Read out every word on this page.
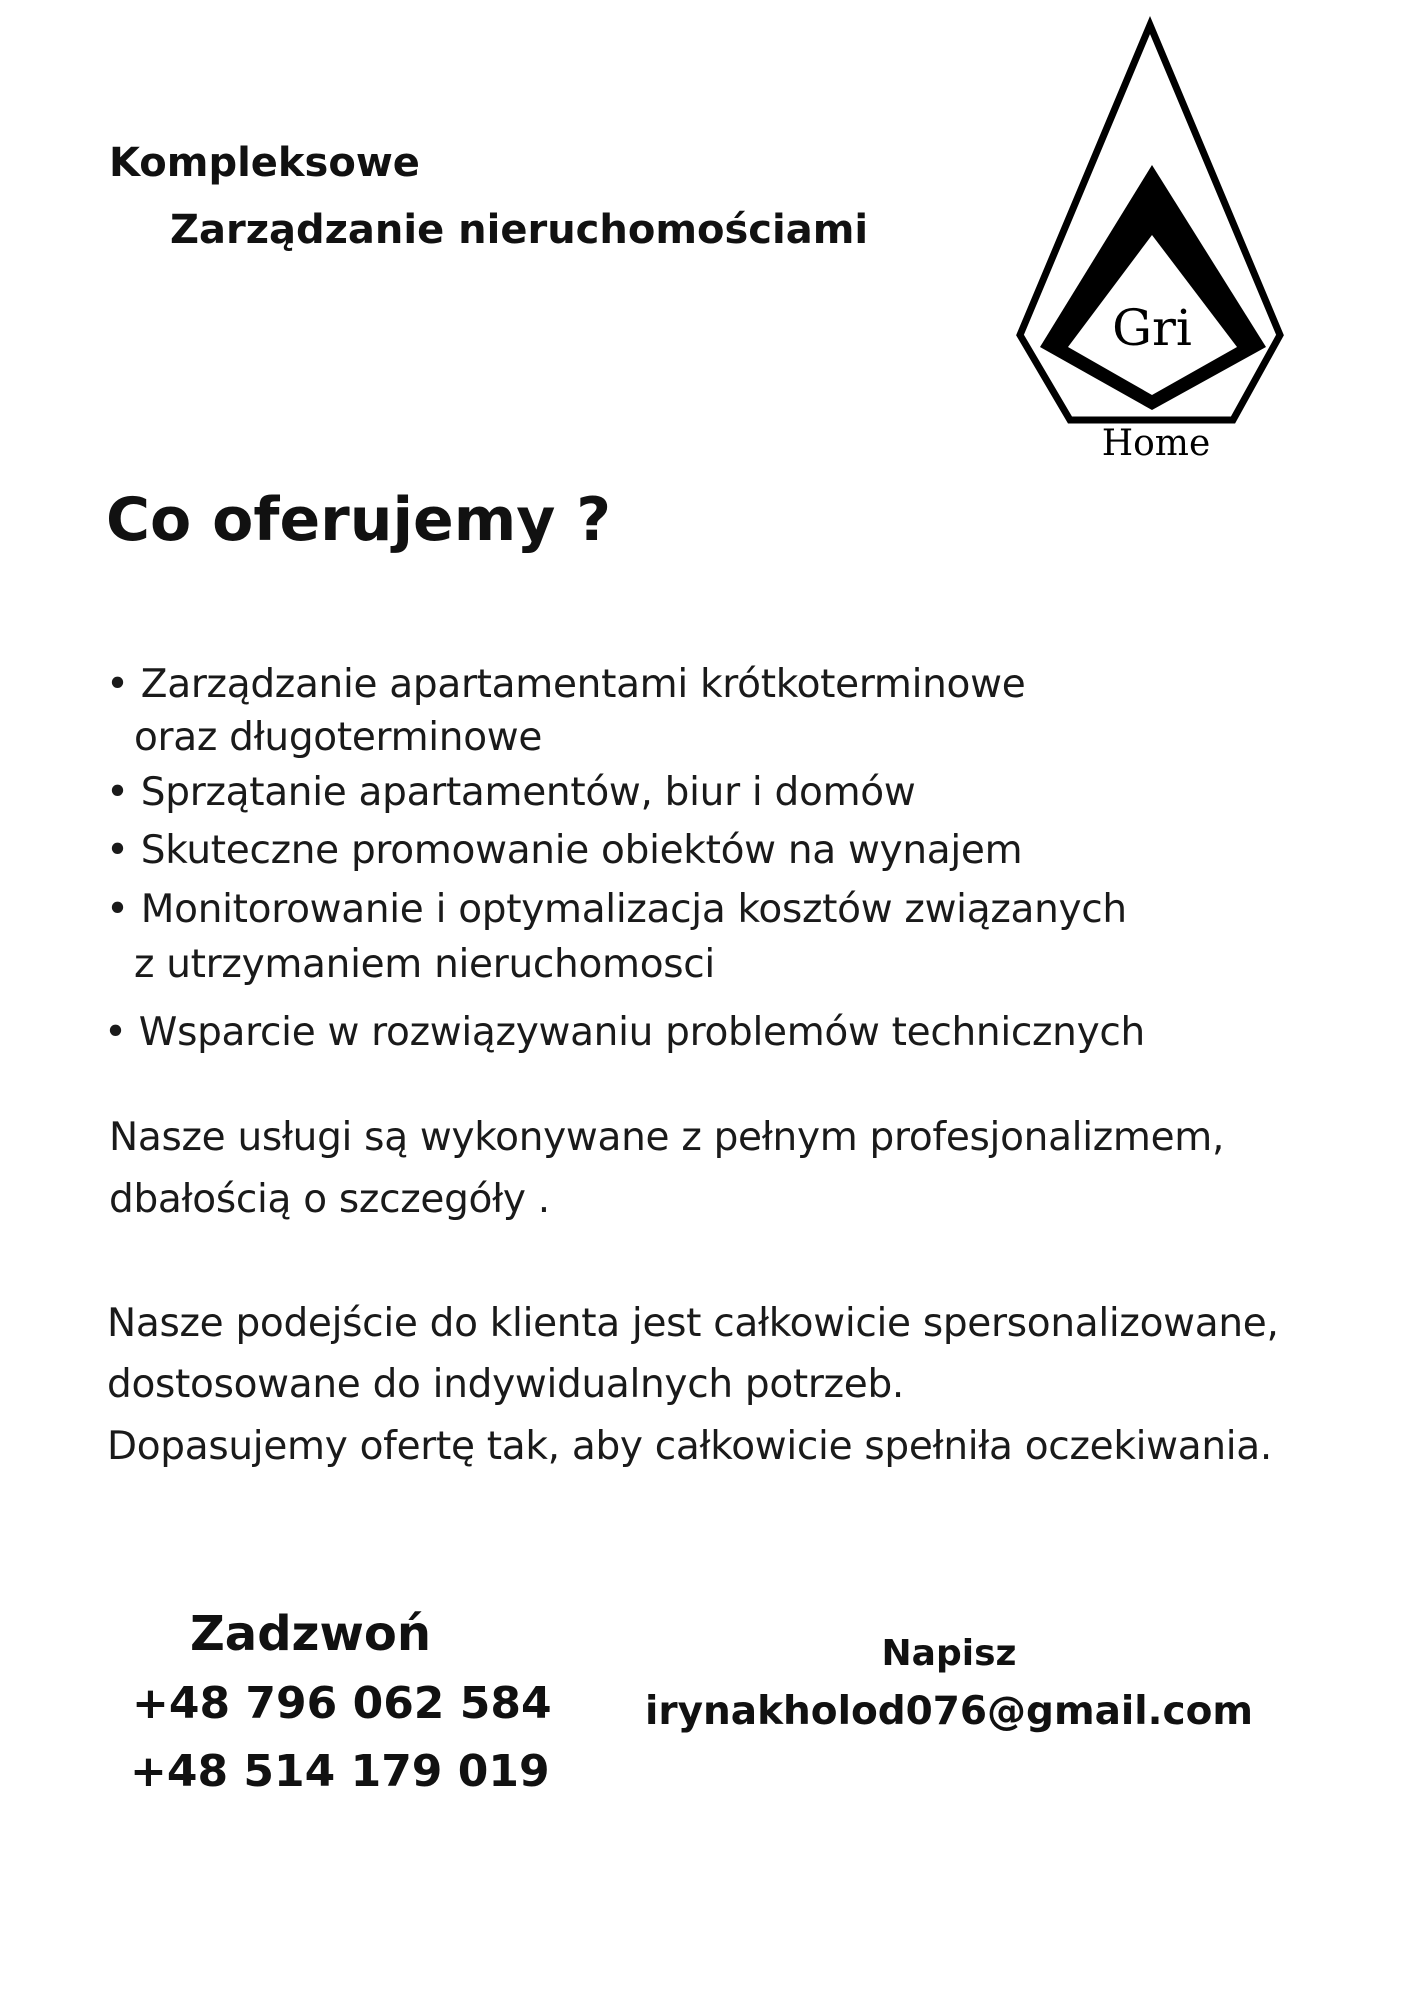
Kompleksowe
Zarządzanie nieruchomościami
Gri
Home
Co oferujemy ?
• Zarządzanie apartamentami krótkoterminowe
oraz długoterminowe
• Sprzątanie apartamentów, biur i domów
• Skuteczne promowanie obiektów na wynajem
• Monitorowanie i optymalizacja kosztów związanych
z utrzymaniem nieruchomosci
• Wsparcie w rozwiązywaniu problemów technicznych
Nasze usługi są wykonywane z pełnym profesjonalizmem,
dbałością o szczegóły .
Nasze podejście do klienta jest całkowicie spersonalizowane,
dostosowane do indywidualnych potrzeb.
Dopasujemy ofertę tak, aby całkowicie spełniła oczekiwania.
Zadzwoń
+48 796 062 584
+48 514 179 019
Napisz
irynakholod076@gmail.com
